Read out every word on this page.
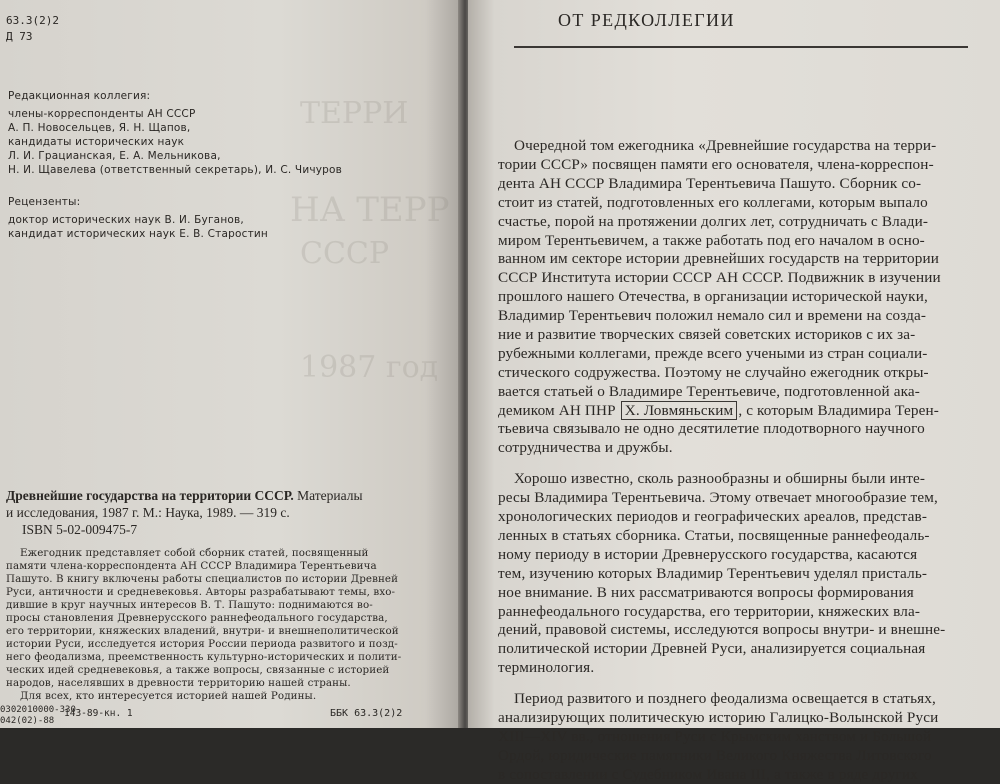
ТЕРРИ
НА ТЕРР
СССР
1987 год
63.3(2)2
Д 73
Редакционная коллегия:
члены-корреспонденты АН СССР
А. П. Новосельцев, Я. Н. Щапов,
кандидаты исторических наук
Л. И. Грацианская, Е. А. Мельникова,
Н. И. Щавелева (ответственный секретарь), И. С. Чичуров
Рецензенты:
доктор исторических наук В. И. Буганов,
кандидат исторических наук Е. В. Старостин
Древнейшие государства на территории СССР. Материалы
и исследования, 1987 г. М.: Наука, 1989. — 319 с.
ISBN 5-02-009475-7
Ежегодник представляет собой сборник статей, посвященный
памяти члена-корреспондента АН СССР Владимира Терентьевича
Пашуто. В книгу включены работы специалистов по истории Древней
Руси, античности и средневековья. Авторы разрабатывают темы, вхо-
дившие в круг научных интересов В. Т. Пашуто: поднимаются во-
просы становления Древнерусского раннефеодального государства,
его территории, княжеских владений, внутри- и внешнеполитической
истории Руси, исследуется история России периода развитого и позд-
него феодализма, преемственность культурно-исторических и полити-
ческих идей средневековья, а также вопросы, связанные с историей
народов, населявших в древности территорию нашей страны.
Для всех, кто интересуется историей нашей Родины.
0302010000-330
042(02)-88
143-89-кн. 1	ББК 63.3(2)2
ОТ РЕДКОЛЛЕГИИ
Очередной том ежегодника «Древнейшие государства на терри-
тории СССР» посвящен памяти его основателя, члена-корреспон-
дента АН СССР Владимира Терентьевича Пашуто. Сборник со-
стоит из статей, подготовленных его коллегами, которым выпало
счастье, порой на протяжении долгих лет, сотрудничать с Влади-
миром Терентьевичем, а также работать под его началом в осно-
ванном им секторе истории древнейших государств на территории
СССР Института истории СССР АН СССР. Подвижник в изучении
прошлого нашего Отечества, в организации исторической науки,
Владимир Терентьевич положил немало сил и времени на созда-
ние и развитие творческих связей советских историков с их за-
рубежными коллегами, прежде всего учеными из стран социали-
стического содружества. Поэтому не случайно ежегодник откры-
вается статьей о Владимире Терентьевиче, подготовленной ака-
демиком АН ПНР Х. Ловмяньским , с которым Владимира Терен-
тьевича связывало не одно десятилетие плодотворного научного
сотрудничества и дружбы.
Хорошо известно, сколь разнообразны и обширны были инте-
ресы Владимира Терентьевича. Этому отвечает многообразие тем,
хронологических периодов и географических ареалов, представ-
ленных в статьях сборника. Статьи, посвященные раннефеодаль-
ному периоду в истории Древнерусского государства, касаются
тем, изучению которых Владимир Терентьевич уделял присталь-
ное внимание. В них рассматриваются вопросы формирования
раннефеодального государства, его территории, княжеских вла-
дений, правовой системы, исследуются вопросы внутри- и внешне-
политической истории Древней Руси, анализируется социальная
терминология.
Период развитого и позднего феодализма освещается в статьях,
анализирующих политическую историю Галицко-Волынской Руси
XIII—XIV вв., отношения Руси с Крымским ханством и Большой
Ордой, юридические памятники Великого Княжества Литовского
в сопоставлении с Судебником Ивана III, а также в ряде других
